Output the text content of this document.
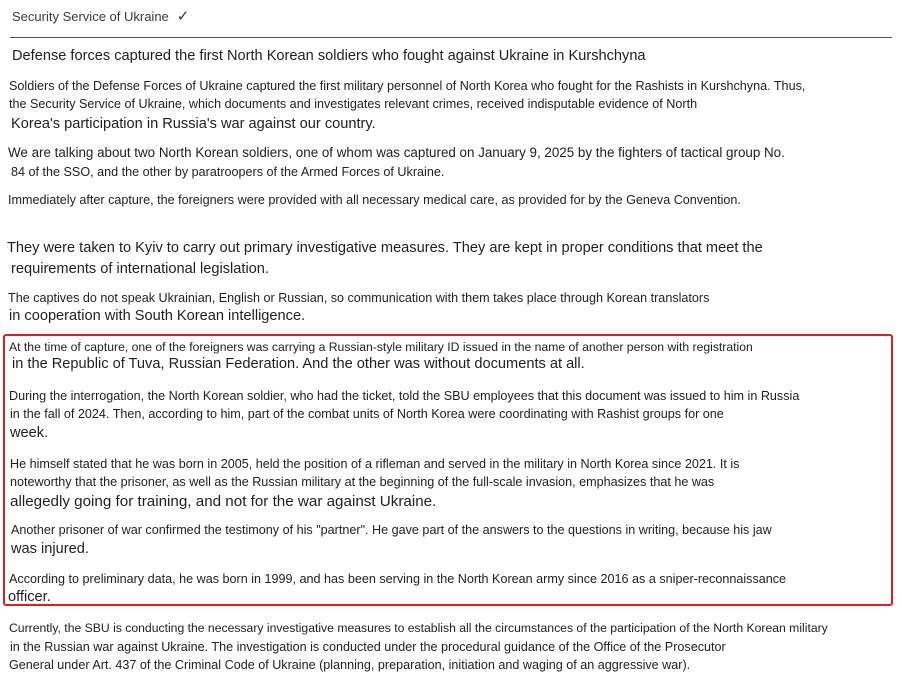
Security Service of Ukraine ✓
Defense forces captured the first North Korean soldiers who fought against Ukraine in Kurshchyna
Soldiers of the Defense Forces of Ukraine captured the first military personnel of North Korea who fought for the Rashists in Kurshchyna. Thus,
the Security Service of Ukraine, which documents and investigates relevant crimes, received indisputable evidence of North
Korea's participation in Russia's war against our country.
We are talking about two North Korean soldiers, one of whom was captured on January 9, 2025 by the fighters of tactical group No.
84 of the SSO, and the other by paratroopers of the Armed Forces of Ukraine.
Immediately after capture, the foreigners were provided with all necessary medical care, as provided for by the Geneva Convention.
They were taken to Kyiv to carry out primary investigative measures. They are kept in proper conditions that meet the
requirements of international legislation.
The captives do not speak Ukrainian, English or Russian, so communication with them takes place through Korean translators
in cooperation with South Korean intelligence.
At the time of capture, one of the foreigners was carrying a Russian-style military ID issued in the name of another person with registration
in the Republic of Tuva, Russian Federation. And the other was without documents at all.
During the interrogation, the North Korean soldier, who had the ticket, told the SBU employees that this document was issued to him in Russia
in the fall of 2024. Then, according to him, part of the combat units of North Korea were coordinating with Rashist groups for one
week.
He himself stated that he was born in 2005, held the position of a rifleman and served in the military in North Korea since 2021. It is
noteworthy that the prisoner, as well as the Russian military at the beginning of the full-scale invasion, emphasizes that he was
allegedly going for training, and not for the war against Ukraine.
Another prisoner of war confirmed the testimony of his "partner". He gave part of the answers to the questions in writing, because his jaw
was injured.
According to preliminary data, he was born in 1999, and has been serving in the North Korean army since 2016 as a sniper-reconnaissance
officer.
Currently, the SBU is conducting the necessary investigative measures to establish all the circumstances of the participation of the North Korean military
in the Russian war against Ukraine. The investigation is conducted under the procedural guidance of the Office of the Prosecutor
General under Art. 437 of the Criminal Code of Ukraine (planning, preparation, initiation and waging of an aggressive war).
